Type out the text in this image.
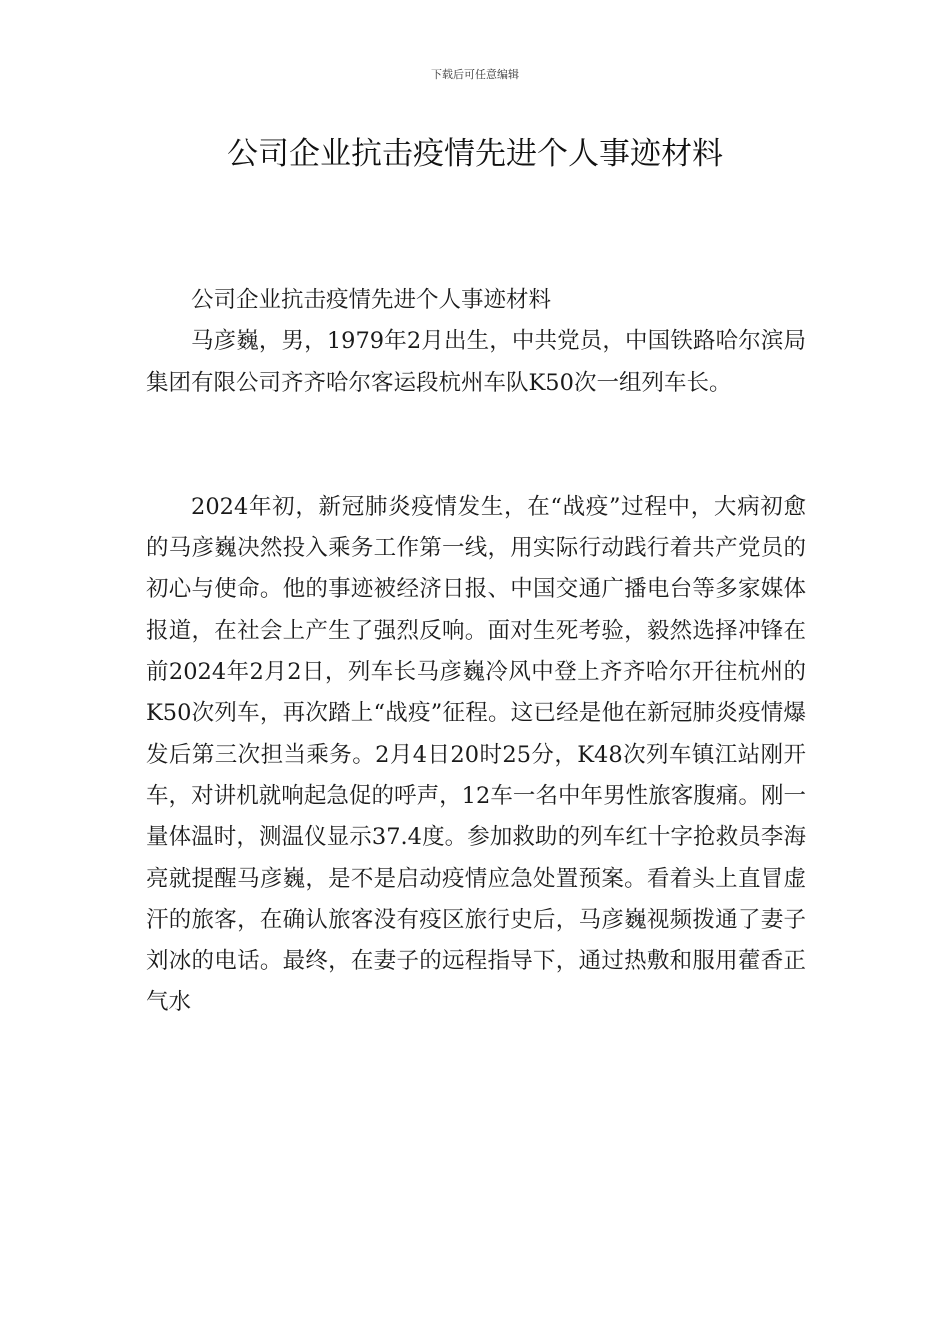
下载后可任意编辑
公司企业抗击疫情先进个人事迹材料

公司企业抗击疫情先进个人事迹材料

马彦巍，男，1979年2月出生，中共党员，中国铁路哈尔滨局集团有限公司齐齐哈尔客运段杭州车队K50次一组列车长。

2024年初，新冠肺炎疫情发生，在“战疫”过程中，大病初愈的马彦巍决然投入乘务工作第一线，用实际行动践行着共产党员的初心与使命。他的事迹被经济日报、中国交通广播电台等多家媒体报道，在社会上产生了强烈反响。面对生死考验，毅然选择冲锋在前2024年2月2日，列车长马彦巍冷风中登上齐齐哈尔开往杭州的K50次列车，再次踏上“战疫”征程。这已经是他在新冠肺炎疫情爆发后第三次担当乘务。2月4日20时25分，K48次列车镇江站刚开车，对讲机就响起急促的呼声，12车一名中年男性旅客腹痛。刚一量体温时，测温仪显示37.4度。参加救助的列车红十字抢救员李海亮就提醒马彦巍，是不是启动疫情应急处置预案。看着头上直冒虚汗的旅客，在确认旅客没有疫区旅行史后，马彦巍视频拨通了妻子刘冰的电话。最终，在妻子的远程指导下，通过热敷和服用藿香正气水
